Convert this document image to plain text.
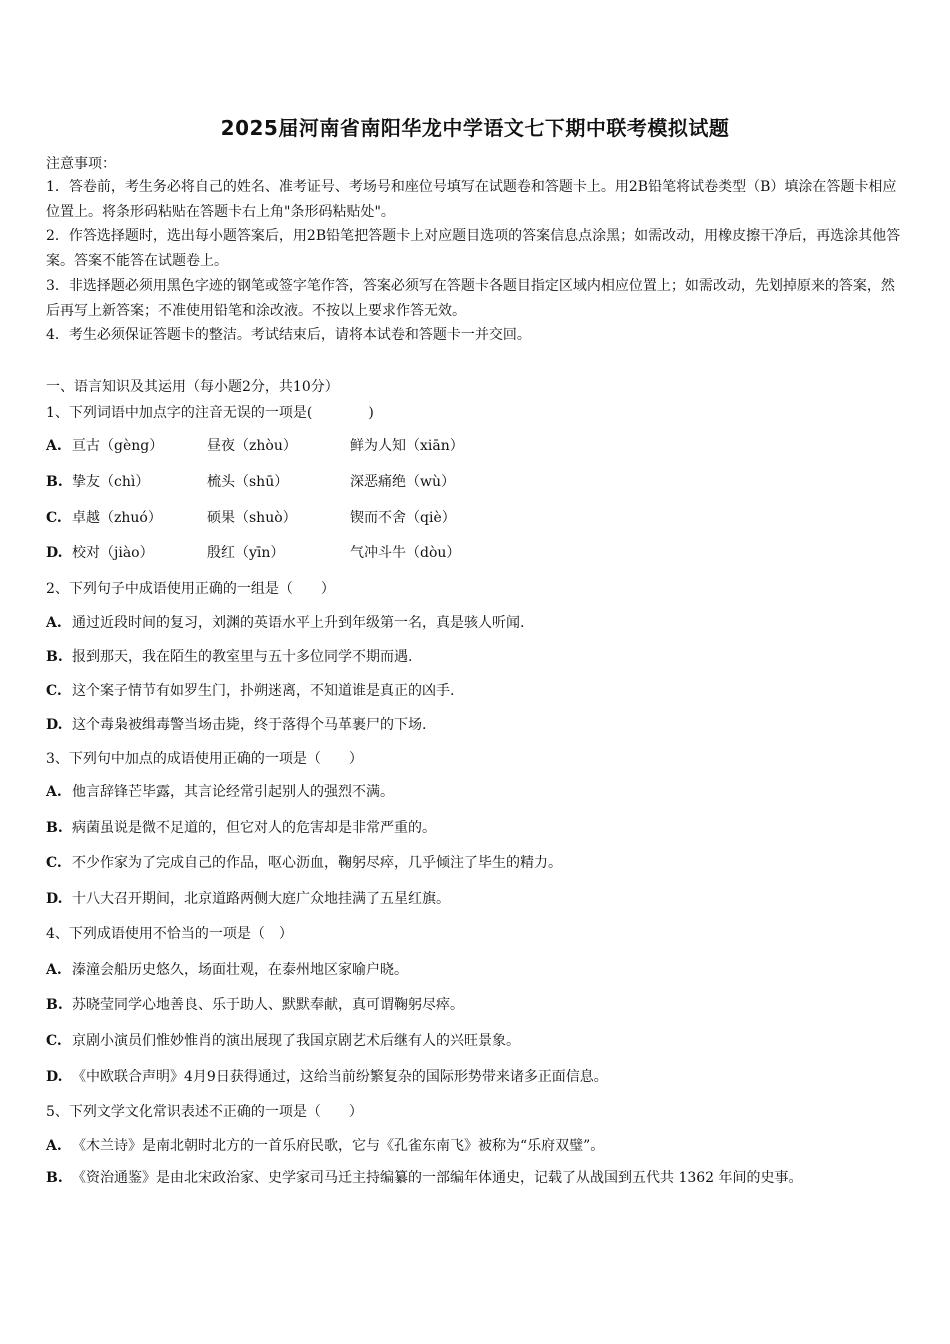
2025届河南省南阳华龙中学语文七下期中联考模拟试题
注意事项：
1．答卷前，考生务必将自己的姓名、准考证号、考场号和座位号填写在试题卷和答题卡上。用2B铅笔将试卷类型（B）填涂在答题卡相应位置上。将条形码粘贴在答题卡右上角"条形码粘贴处"。
2．作答选择题时，选出每小题答案后，用2B铅笔把答题卡上对应题目选项的答案信息点涂黑；如需改动，用橡皮擦干净后，再选涂其他答案。答案不能答在试题卷上。
3．非选择题必须用黑色字迹的钢笔或签字笔作答，答案必须写在答题卡各题目指定区域内相应位置上；如需改动，先划掉原来的答案，然后再写上新答案；不准使用铅笔和涂改液。不按以上要求作答无效。
4．考生必须保证答题卡的整洁。考试结束后，请将本试卷和答题卡一并交回。
一、语言知识及其运用（每小题2分，共10分）
1、下列词语中加点字的注音无误的一项是(　　　　)
A. 亘古（gèng）	昼夜（zhòu）	鲜为人知（xiān）
B. 挚友（chì）	梳头（shū）	深恶痛绝（wù）
C. 卓越（zhuó）	硕果（shuò）	锲而不舍（qiè）
D. 校对（jiào）	殷红（yīn）	气冲斗牛（dòu）
2、下列句子中成语使用正确的一组是（　　）
A. 通过近段时间的复习，刘渊的英语水平上升到年级第一名，真是骇人听闻.
B. 报到那天，我在陌生的教室里与五十多位同学不期而遇.
C. 这个案子情节有如罗生门，扑朔迷离，不知道谁是真正的凶手.
D. 这个毒枭被缉毒警当场击毙，终于落得个马革裹尸的下场.
3、下列句中加点的成语使用正确的一项是（　　）
A. 他言辞锋芒毕露，其言论经常引起别人的强烈不满。
B. 病菌虽说是微不足道的，但它对人的危害却是非常严重的。
C. 不少作家为了完成自己的作品，呕心沥血，鞠躬尽瘁，几乎倾注了毕生的精力。
D. 十八大召开期间，北京道路两侧大庭广众地挂满了五星红旗。
4、下列成语使用不恰当的一项是（　）
A. 溱潼会船历史悠久，场面壮观，在泰州地区家喻户晓。
B. 苏晓莹同学心地善良、乐于助人、默默奉献，真可谓鞠躬尽瘁。
C. 京剧小演员们惟妙惟肖的演出展现了我国京剧艺术后继有人的兴旺景象。
D. 《中欧联合声明》4月9日获得通过，这给当前纷繁复杂的国际形势带来诸多正面信息。
5、下列文学文化常识表述不正确的一项是（　　）
A. 《木兰诗》是南北朝时北方的一首乐府民歌，它与《孔雀东南飞》被称为“乐府双璧”。
B. 《资治通鉴》是由北宋政治家、史学家司马迁主持编纂的一部编年体通史，记载了从战国到五代共 1362 年间的史事。
